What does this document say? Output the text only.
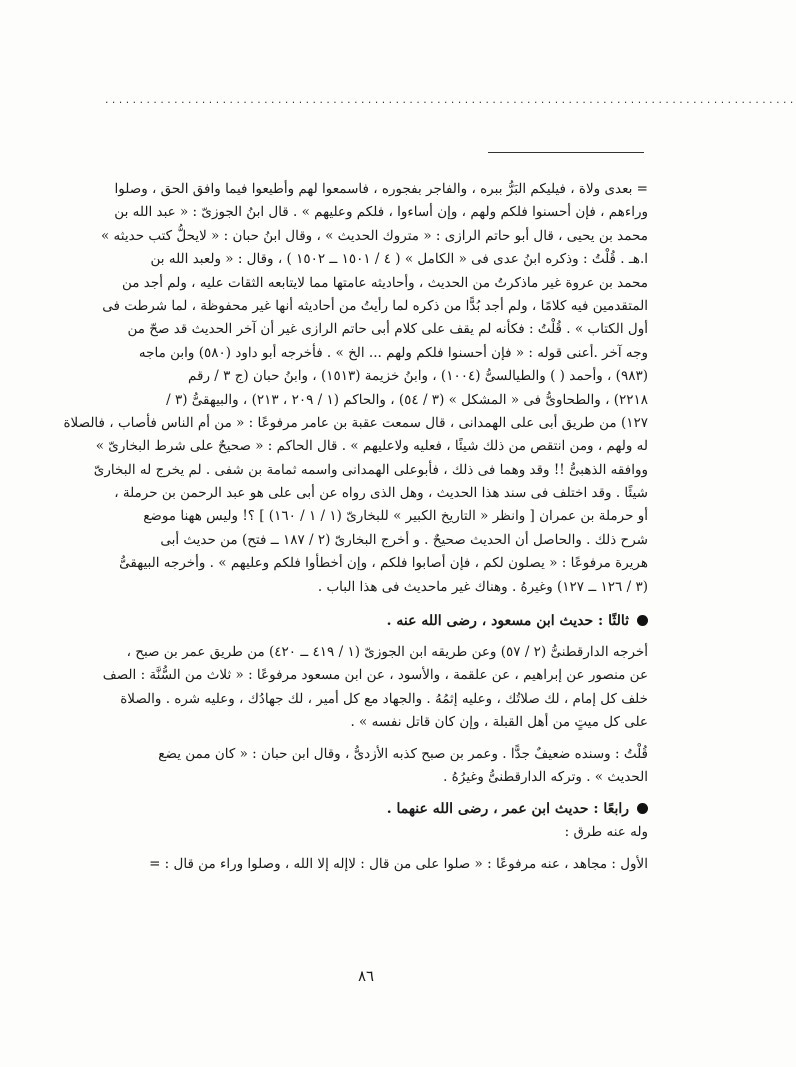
....................................................................................................
= بعدى ولاة ، فيليكم البَرُّ ببره ، والفاجر بفجوره ، فاسمعوا لهم وأطيعوا فيما وافق الحق ، وصلوا
وراءهم ، فإن أحسنوا فلكم ولهم ، وإن أساءوا ، فلكم وعليهم » . قال ابنُ الجوزىّ : « عبد الله بن
محمد بن يحيى ، قال أبو حاتم الرازى : « متروك الحديث » ، وقال ابنُ حبان : « لايحلُّ كتب حديثه »
ا.هـ . قُلْتُ : وذكره ابنُ عدى فى « الكامل » ( ٤ / ١٥٠١ ــ ١٥٠٢ ) ، وقال : « ولعبد الله بن
محمد بن عروة غير ماذكرتُ من الحديث ، وأحاديثه عامتها مما لايتابعه الثقات عليه ، ولم أجد من
المتقدمين فيه كلامًا ، ولم أجد بُدًّا من ذكره لما رأيتُ من أحاديثه أنها غير محفوظة ، لما شرطت فى
أول الكتاب » . قُلْتُ : فكأنه لم يقف على كلام أبى حاتم الرازى غير أن آخر الحديث قد صحّ من
وجه آخر .أعنى قوله : « فإن أحسنوا فلكم ولهم ... الخ » . فأخرجه أبو داود (٥٨٠) وابن ماجه
(٩٨٣) ، وأحمد ( ) والطيالسىُّ (١٠٠٤) ، وابنُ خزيمة (١٥١٣) ، وابنُ حبان (ج ٣ / رقم
٢٢١٨) ، والطحاوىُّ فى « المشكل » (٣ / ٥٤) ، والحاكم (١ / ٢٠٩ ، ٢١٣) ، والبيهقىُّ (٣ /
١٢٧) من طريق أبى على الهمدانى ، قال سمعت عقبة بن عامر مرفوعًا : « من أم الناس فأصاب ، فالصلاة
له ولهم ، ومن انتقص من ذلك شيئًا ، فعليه ولاعليهم » . قال الحاكم : « صحيحٌ على شرط البخارىّ »
ووافقه الذهبىُّ !! وقد وهما فى ذلك ، فأبوعلى الهمدانى واسمه ثمامة بن شفى . لم يخرج له البخارىّ
شيئًا . وقد اختلف فى سند هذا الحديث ، وهل الذى رواه عن أبى على هو عبد الرحمن بن حرملة ،
أو حرملة بن عمران [ وانظر « التاريخ الكبير » للبخارىّ (١ / ١ / ١٦٠) ] ؟! وليس ههنا موضع
شرح ذلك . والحاصل أن الحديث صحيحٌ . و أخرج البخارىّ (٢ / ١٨٧ ــ فتح) من حديث أبى
هريرة مرفوعًا : « يصلون لكم ، فإن أصابوا فلكم ، وإن أخطأوا فلكم وعليهم » . وأخرجه البيهقىُّ
(٣ / ١٢٦ ــ ١٢٧) وغيرهُ . وهناك غير ماحديث فى هذا الباب .
ثالثًا : حديث ابن مسعود ، رضى الله عنه .
أخرجه الدارقطنىُّ (٢ / ٥٧) وعن طريقه ابن الجوزىّ (١ / ٤١٩ ــ ٤٢٠) من طريق عمر بن صبح ،
عن منصور عن إبراهيم ، عن علقمة ، والأسود ، عن ابن مسعود مرفوعًا : « ثلاث من السُّنَّة : الصف
خلف كل إمام ، لك صلاتُك ، وعليه إثمُهُ . والجهاد مع كل أمير ، لك جهادُك ، وعليه شره . والصلاة
على كل ميتٍ من أهل القبلة ، وإن كان قاتل نفسه » .
قُلْتُ : وسنده ضعيفٌ جدًّا . وعمر بن صبح كذبه الأزدىُّ ، وقال ابن حبان : « كان ممن يضع
الحديث » . وتركه الدارقطنىُّ وغيرُهُ .
رابعًا : حديث ابن عمر ، رضى الله عنهما .
وله عنه طرق :
الأول : مجاهد ، عنه مرفوعًا : « صلوا على من قال : لاإله إلا الله ، وصلوا وراء من قال : =
٨٦
